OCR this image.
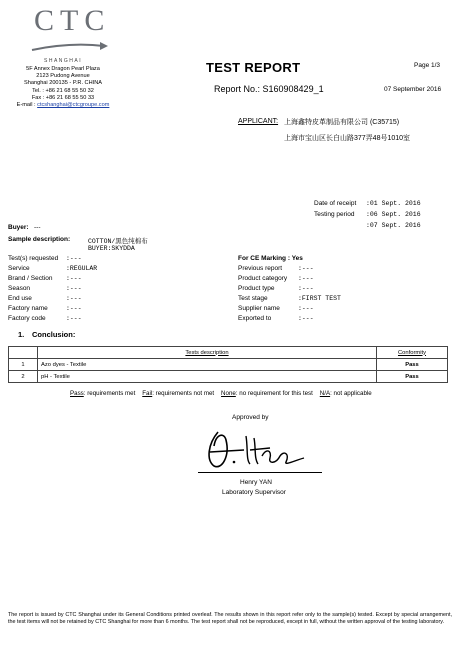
CTC
SHANGHAI
5F Annex Dragon Pearl Plaza
2123 Pudong Avenue
Shanghai 200135 - P.R. CHINA
Tel. : +86 21 68 55 50 32
Fax : +86 21 68 55 50 33
E-mail : ctcshanghai@ctcgroupe.com
TEST REPORT	Page 1/3
Report No.: S160908429_1	07 September 2016
APPLICANT: 上海鑫特皮革制品有限公司 (C35715)
上海市宝山区长白山路377弄48号1010室
Date of receipt :01 Sept. 2016
Testing period :06 Sept. 2016
:07 Sept. 2016
Buyer: ---
Sample description:	COTTON/黑色纯棉布
BUYER:SKYDDA
Test(s) requested :---
Service	:REGULAR
Brand / Section :---
Season	:---
End use	:---
Factory name	:---
Factory code	:---
For CE Marking : Yes
Previous report :---
Product category :---
Product type	:---
Test stage	:FIRST TEST
Supplier name	:---
Exported to	:---
1. Conclusion:
	Tests description	Conformity
1	Azo dyes - Textile	Pass
2	pH - Textile	Pass
Pass: requirements met Fail: requirements not met None: no requirement for this test N/A: not applicable
Approved by
Henry YAN
Laboratory Supervisor
The report is issued by CTC Shanghai under its General Conditions printed overleaf. The results shown in this report refer only to the sample(s) tested. Except by special arrangement, the test items will not be retained by CTC Shanghai for more than 6 months. The test report shall not be reproduced, except in full, without the written approval of the testing laboratory.
